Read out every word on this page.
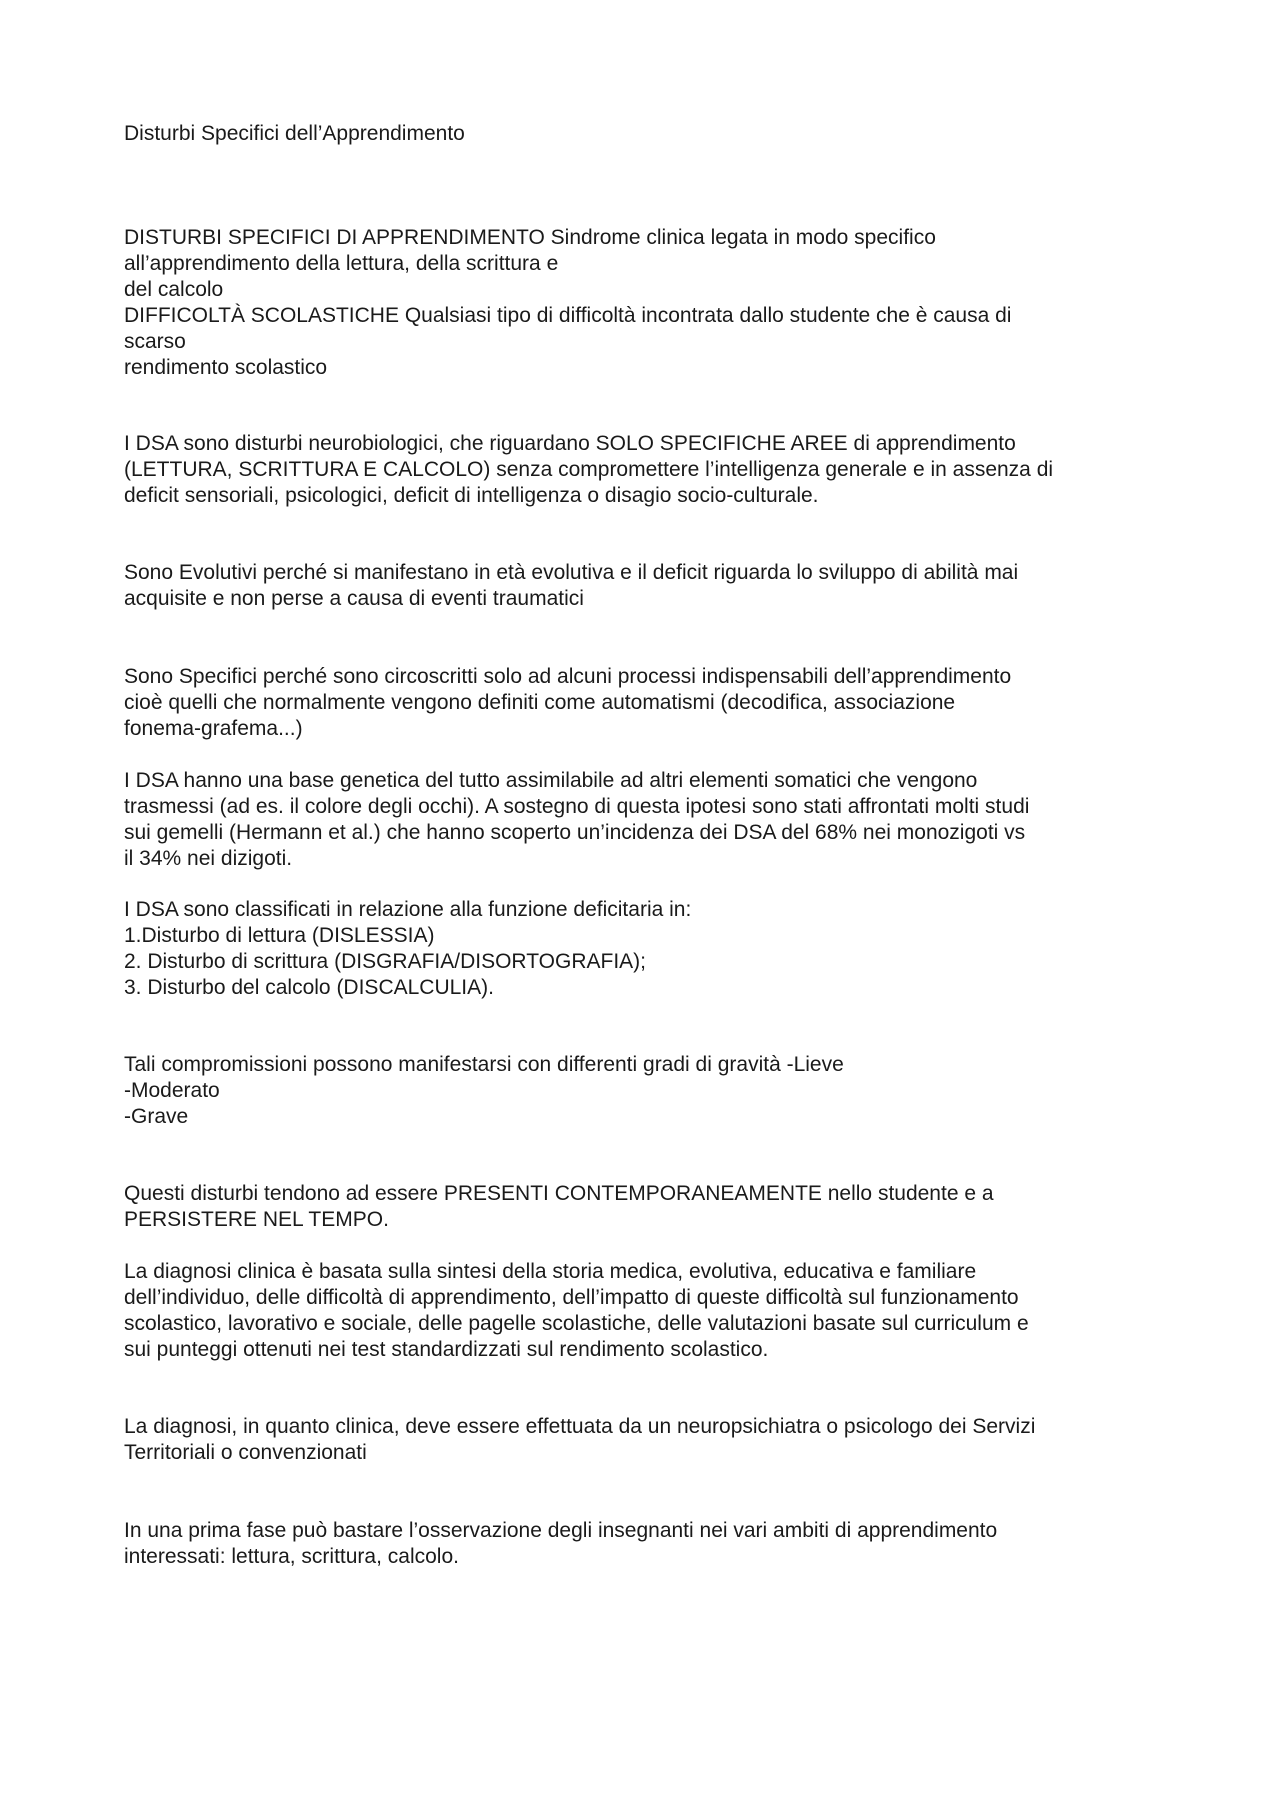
Disturbi Specifici dell’Apprendimento
DISTURBI SPECIFICI DI APPRENDIMENTO Sindrome clinica legata in modo specifico
all’apprendimento della lettura, della scrittura e
del calcolo
DIFFICOLTÀ SCOLASTICHE Qualsiasi tipo di difficoltà incontrata dallo studente che è causa di
scarso
rendimento scolastico
I DSA sono disturbi neurobiologici, che riguardano SOLO SPECIFICHE AREE di apprendimento
(LETTURA, SCRITTURA E CALCOLO) senza compromettere l’intelligenza generale e in assenza di
deficit sensoriali, psicologici, deficit di intelligenza o disagio socio-culturale.
Sono Evolutivi perché si manifestano in età evolutiva e il deficit riguarda lo sviluppo di abilità mai
acquisite e non perse a causa di eventi traumatici
Sono Specifici perché sono circoscritti solo ad alcuni processi indispensabili dell’apprendimento
cioè quelli che normalmente vengono definiti come automatismi (decodifica, associazione
fonema-grafema...)
I DSA hanno una base genetica del tutto assimilabile ad altri elementi somatici che vengono
trasmessi (ad es. il colore degli occhi). A sostegno di questa ipotesi sono stati affrontati molti studi
sui gemelli (Hermann et al.) che hanno scoperto un’incidenza dei DSA del 68% nei monozigoti vs
il 34% nei dizigoti.
I DSA sono classificati in relazione alla funzione deficitaria in:
1.Disturbo di lettura (DISLESSIA)
2. Disturbo di scrittura (DISGRAFIA/DISORTOGRAFIA);
3. Disturbo del calcolo (DISCALCULIA).
Tali compromissioni possono manifestarsi con differenti gradi di gravità -Lieve
-Moderato
-Grave
Questi disturbi tendono ad essere PRESENTI CONTEMPORANEAMENTE nello studente e a
PERSISTERE NEL TEMPO.
La diagnosi clinica è basata sulla sintesi della storia medica, evolutiva, educativa e familiare
dell’individuo, delle difficoltà di apprendimento, dell’impatto di queste difficoltà sul funzionamento
scolastico, lavorativo e sociale, delle pagelle scolastiche, delle valutazioni basate sul curriculum e
sui punteggi ottenuti nei test standardizzati sul rendimento scolastico.
La diagnosi, in quanto clinica, deve essere effettuata da un neuropsichiatra o psicologo dei Servizi
Territoriali o convenzionati
In una prima fase può bastare l’osservazione degli insegnanti nei vari ambiti di apprendimento
interessati: lettura, scrittura, calcolo.
